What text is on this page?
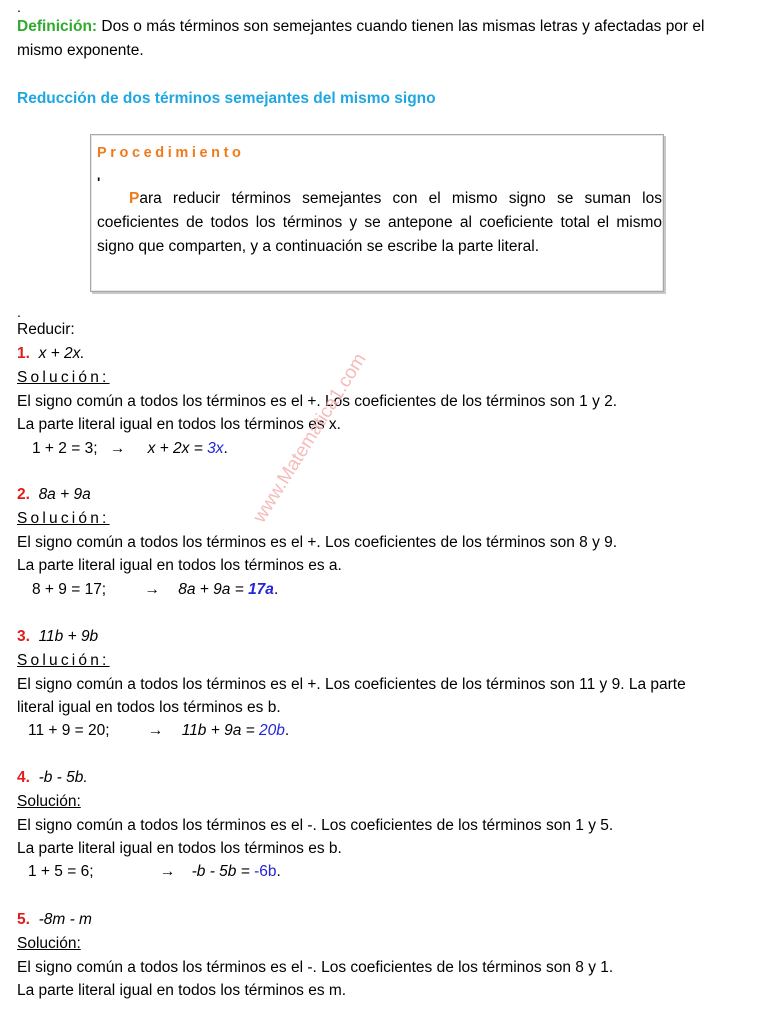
.
Definición: Dos o más términos son semejantes cuando tienen las mismas letras y afectadas por el
mismo exponente.
Reducción de dos términos semejantes del mismo signo
Procedimiento
'
Para reducir términos semejantes con el mismo signo se suman los coeficientes de todos los términos y se antepone al coeficiente total el mismo signo que comparten, y a continuación se escribe la parte literal.
.
Reducir:
1. x + 2x.
Solución:
El signo común a todos los términos es el +. Los coeficientes de los términos son 1 y 2.
La parte literal igual en todos los términos es x.
1 + 2 = 3; → x + 2x = 3x.
2. 8a + 9a
Solución:
El signo común a todos los términos es el +. Los coeficientes de los términos son 8 y 9.
La parte literal igual en todos los términos es a.
8 + 9 = 17; → 8a + 9a = 17a.
3. 11b + 9b
Solución:
El signo común a todos los términos es el +. Los coeficientes de los términos son 11 y 9. La parte
literal igual en todos los términos es b.
11 + 9 = 20; → 11b + 9a = 20b.
4. -b - 5b.
Solución:
El signo común a todos los términos es el -. Los coeficientes de los términos son 1 y 5.
La parte literal igual en todos los términos es b.
1 + 5 = 6;	→ -b - 5b = -6b.
5. -8m - m
Solución:
El signo común a todos los términos es el -. Los coeficientes de los términos son 8 y 1.
La parte literal igual en todos los términos es m.
www.Matematica1.com
